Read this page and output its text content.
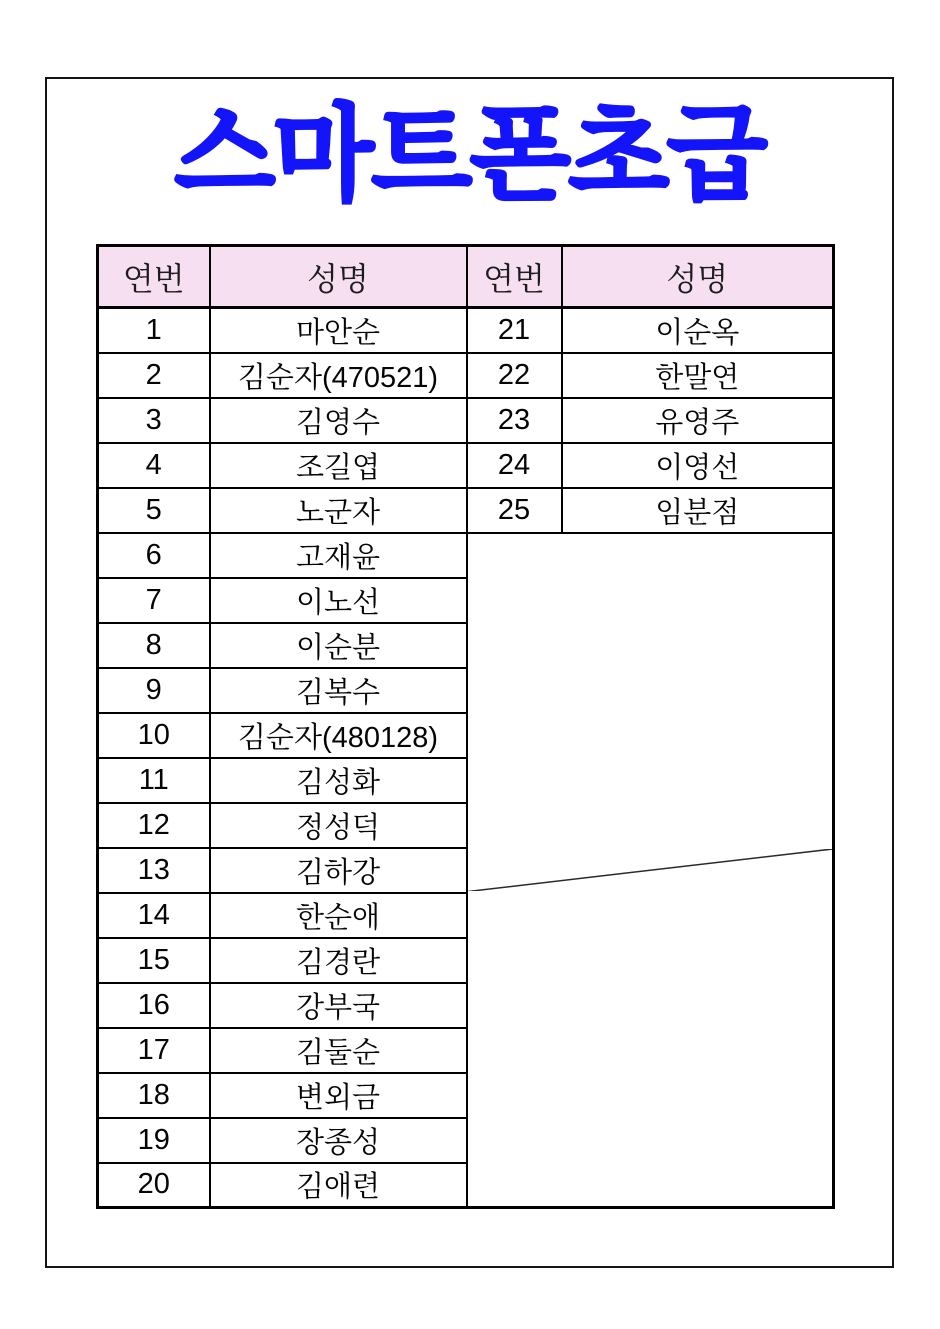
스마트폰초급
연번	성명	연번	성명
1	마안순	21	이순옥
2	김순자(470521)	22	한말연
3	김영수	23	유영주
4	조길엽	24	이영선
5	노군자	25	임분점
6	고재윤	

7	이노선		
8	이순분		
9	김복수		
10	김순자(480128)		
11	김성화		
12	정성덕		
13	김하강		
14	한순애		
15	김경란		
16	강부국		
17	김둘순		
18	변외금		
19	장종성		
20	김애련		
